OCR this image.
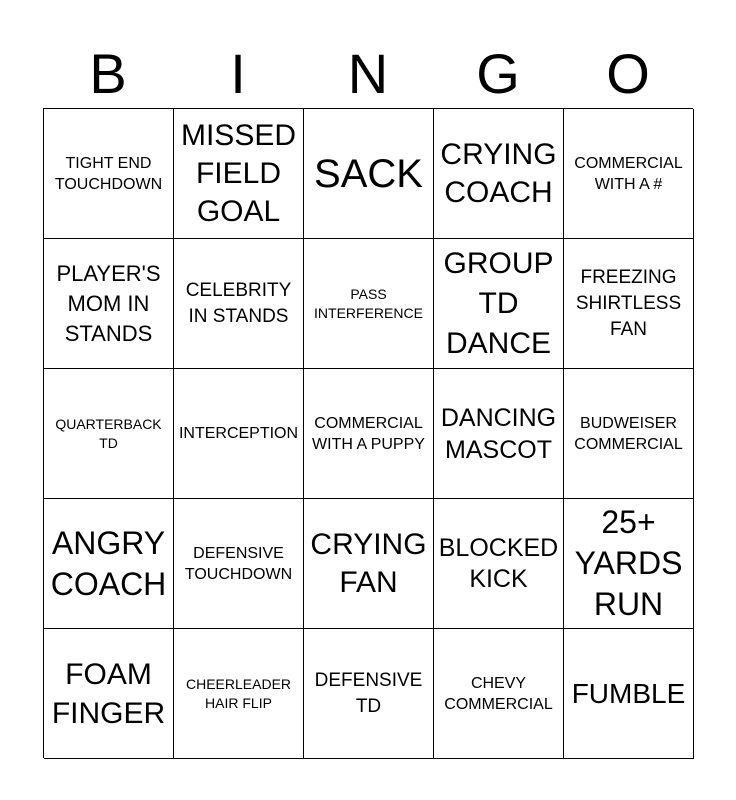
B	I	N	G	O
TIGHT END TOUCHDOWN
MISSED FIELD GOAL
SACK CRYING COACH
COMMERCIAL WITH A #
PLAYER'S MOM IN STANDS
CELEBRITY IN STANDS
PASS INTERFERENCE
GROUP TD DANCE
FREEZING SHIRTLESS FAN
QUARTERBACK TD
INTERCEPTION
COMMERCIAL WITH A PUPPY
DANCING MASCOT
BUDWEISER COMMERCIAL
ANGRY COACH
DEFENSIVE TOUCHDOWN
CRYING FAN
BLOCKED KICK
25+ YARDS RUN
FOAM FINGER
CHEERLEADER HAIR FLIP
DEFENSIVE TD
CHEVY COMMERCIAL FUMBLE
